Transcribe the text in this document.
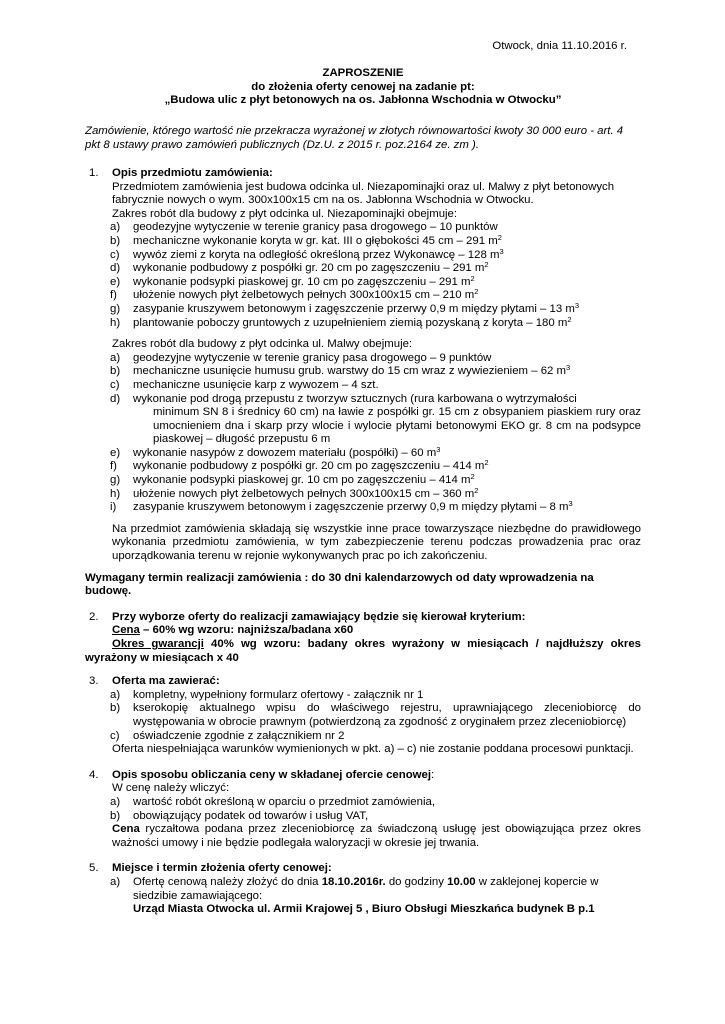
Otwock, dnia 11.10.2016 r.
ZAPROSZENIE
do złożenia oferty cenowej na zadanie pt:
„Budowa ulic z płyt betonowych na os. Jabłonna Wschodnia w Otwocku”
Zamówienie, którego wartość nie przekracza wyrażonej w złotych równowartości kwoty 30 000 euro - art. 4 pkt 8 ustawy prawo zamówień publicznych (Dz.U. z 2015 r. poz.2164 ze. zm ).
1.	Opis przedmiotu zamówienia:
Przedmiotem zamówienia jest budowa odcinka ul. Niezapominajki oraz ul. Malwy z płyt betonowych fabrycznie nowych o wym. 300x100x15 cm na os. Jabłonna Wschodnia w Otwocku.
Zakres robót dla budowy z płyt odcinka ul. Niezapominajki obejmuje:
a) geodezyjne wytyczenie w terenie granicy pasa drogowego – 10 punktów
b) mechaniczne wykonanie koryta w gr. kat. III o głębokości 45 cm – 291 $m^2$
c) wywóz ziemi z koryta na odległość określoną przez Wykonawcę – 128 $m^3$
d) wykonanie podbudowy z pospółki gr. 20 cm po zagęszczeniu – 291 $m^2$
e) wykonanie podsypki piaskowej gr. 10 cm po zagęszczeniu – 291 $m^2$
f) ułożenie nowych płyt żelbetowych pełnych 300x100x15 cm – 210 $m^2$
g) zasypanie kruszywem betonowym i zagęszczenie przerwy 0,9 m między płytami – 13 $m^3$
h) plantowanie poboczy gruntowych z uzupełnieniem ziemią pozyskaną z koryta – 180 $m^2$
Zakres robót dla budowy z płyt odcinka ul. Malwy obejmuje:
a) geodezyjne wytyczenie w terenie granicy pasa drogowego – 9 punktów
b) mechaniczne usunięcie humusu grub. warstwy do 15 cm wraz z wywiezieniem – 62 $m^3$
c) mechaniczne usunięcie karp z wywozem – 4 szt.
d) wykonanie pod drogą przepustu z tworzyw sztucznych (rura karbowana o wytrzymałości
minimum SN 8 i średnicy 60 cm) na ławie z pospółki gr. 15 cm z obsypaniem piaskiem rury oraz umocnieniem dna i skarp przy wlocie i wylocie płytami betonowymi EKO gr. 8 cm na podsypce piaskowej – długość przepustu 6 m
e) wykonanie nasypów z dowozem materiału (pospółki) – 60 $m^3$
f) wykonanie podbudowy z pospółki gr. 20 cm po zagęszczeniu – 414 $m^2$
g) wykonanie podsypki piaskowej gr. 10 cm po zagęszczeniu – 414 $m^2$
h) ułożenie nowych płyt żelbetowych pełnych 300x100x15 cm – 360 $m^2$
i) zasypanie kruszywem betonowym i zagęszczenie przerwy 0,9 m między płytami – 8 $m^3$
Na przedmiot zamówienia składają się wszystkie inne prace towarzyszące niezbędne do prawidłowego wykonania przedmiotu zamówienia, w tym zabezpieczenie terenu podczas prowadzenia prac oraz uporządkowania terenu w rejonie wykonywanych prac po ich zakończeniu.
Wymagany termin realizacji zamówienia : do 30 dni kalendarzowych od daty wprowadzenia na budowę.
2.	Przy wyborze oferty do realizacji zamawiający będzie się kierował kryterium:
Cena – 60% wg wzoru: najniższa/badana x60
Okres gwarancji 40% wg wzoru: badany okres wyrażony w miesiącach / najdłuższy okres wyrażony w miesiącach x 40
3.	Oferta ma zawierać:
a) kompletny, wypełniony formularz ofertowy - załącznik nr 1
b) kserokopię aktualnego wpisu do właściwego rejestru, uprawniającego zleceniobiorcę do występowania w obrocie prawnym (potwierdzoną za zgodność z oryginałem przez zleceniobiorcę)
c) oświadczenie zgodnie z załącznikiem nr 2
Oferta niespełniająca warunków wymienionych w pkt. a) – c) nie zostanie poddana procesowi punktacji.
4.	Opis sposobu obliczania ceny w składanej ofercie cenowej:
W cenę należy wliczyć:
a) wartość robót określoną w oparciu o przedmiot zamówienia,
b) obowiązujący podatek od towarów i usług VAT,
Cena ryczałtowa podana przez zleceniobiorcę za świadczoną usługę jest obowiązująca przez okres ważności umowy i nie będzie podlegała waloryzacji w okresie jej trwania.
5.	Miejsce i termin złożenia oferty cenowej:
a) Ofertę cenową należy złożyć do dnia 18.10.2016r. do godziny 10.00 w zaklejonej kopercie w siedzibie zamawiającego:
Urząd Miasta Otwocka ul. Armii Krajowej 5 , Biuro Obsługi Mieszkańca budynek B p.1
